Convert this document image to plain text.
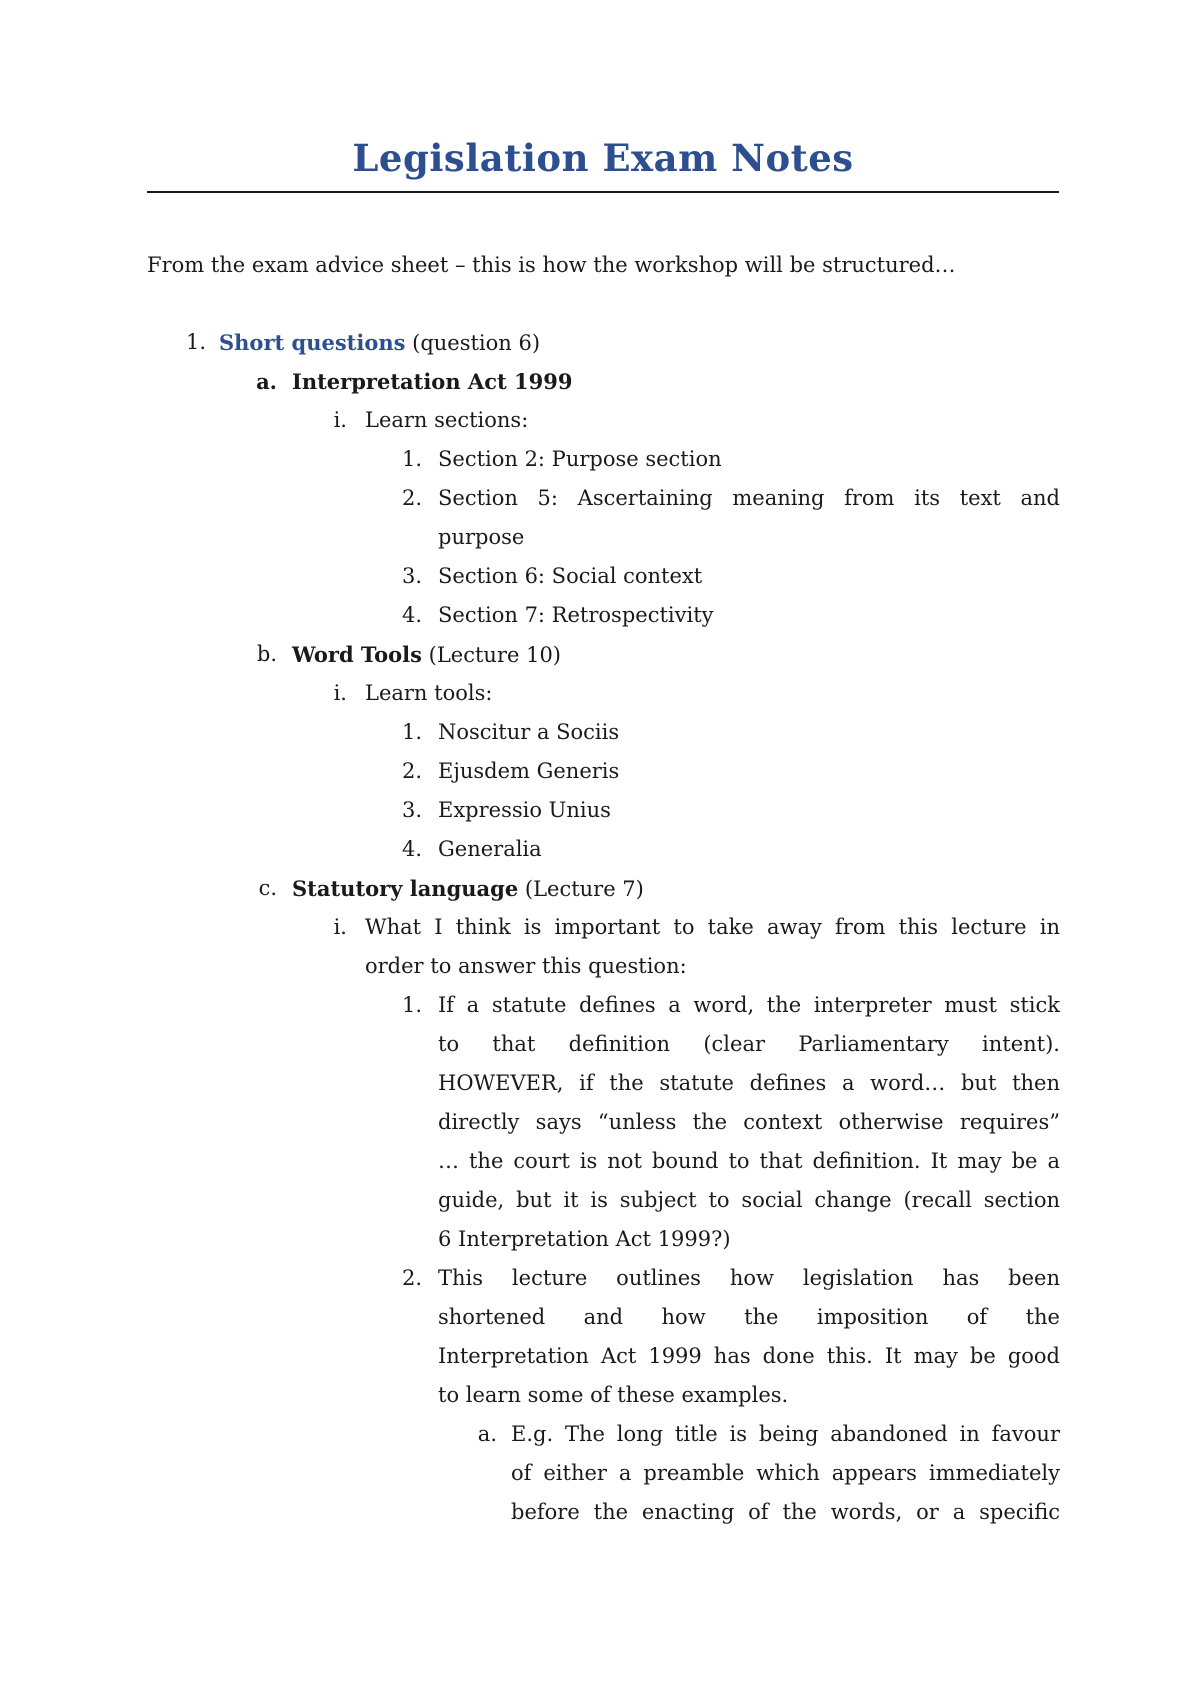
Legislation Exam Notes
From the exam advice sheet – this is how the workshop will be structured…
1. Short questions (question 6)
a. Interpretation Act 1999
i. Learn sections:
1. Section 2: Purpose section
2. Section 5: Ascertaining meaning from its text and
purpose
3. Section 6: Social context
4. Section 7: Retrospectivity
b. Word Tools (Lecture 10)
i. Learn tools:
1. Noscitur a Sociis
2. Ejusdem Generis
3. Expressio Unius
4. Generalia
c. Statutory language (Lecture 7)
i. What I think is important to take away from this lecture in
order to answer this question:
1. If a statute defines a word, the interpreter must stick
to that definition (clear Parliamentary intent).
HOWEVER, if the statute defines a word… but then
directly says “unless the context otherwise requires”
… the court is not bound to that definition. It may be a
guide, but it is subject to social change (recall section
6 Interpretation Act 1999?)
2. This lecture outlines how legislation has been
shortened and how the imposition of the
Interpretation Act 1999 has done this. It may be good
to learn some of these examples.
a. E.g. The long title is being abandoned in favour
of either a preamble which appears immediately
before the enacting of the words, or a specific
